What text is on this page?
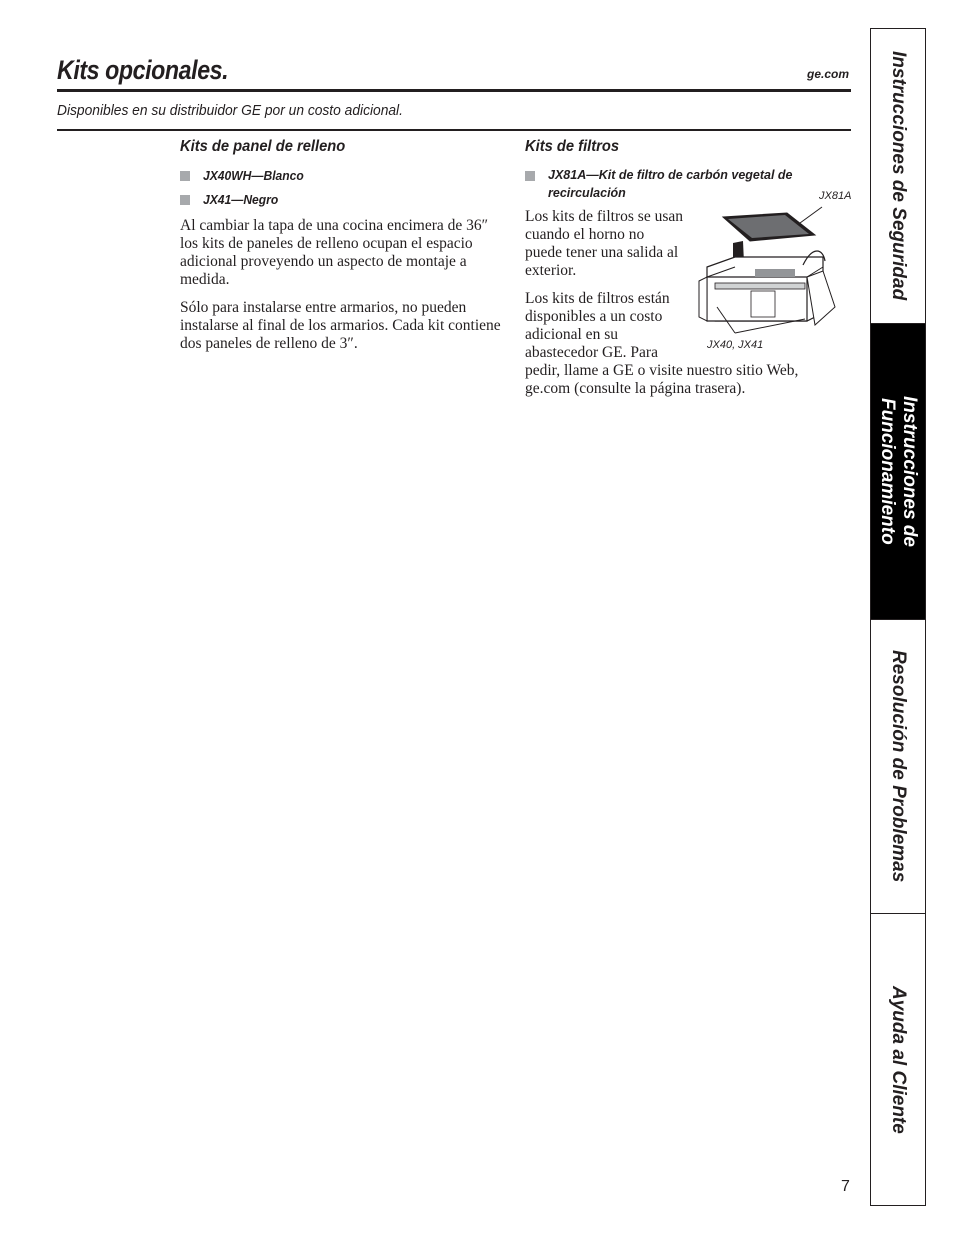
Kits opcionales.	ge.com
Disponibles en su distribuidor GE por un costo adicional.
Kits de panel de relleno
JX40WH—Blanco
JX41—Negro

Al cambiar la tapa de una cocina encimera de 36″ los kits de paneles de relleno ocupan el espacio adicional proveyendo un aspecto de montaje a medida.

Sólo para instalarse entre armarios, no pueden instalarse al final de los armarios. Cada kit contiene dos paneles de relleno de 3″.

Kits de filtros
JX81A—Kit de filtro de carbón vegetal de recirculación

Los kits de filtros se usan cuando el horno no puede tener una salida al exterior.

Los kits de filtros están disponibles a un costo adicional en su abastecedor GE. Para

pedir, llame a GE o visite nuestro sitio Web, ge.com (consulte la página trasera).

JX81A
JX40, JX41
Instrucciones de Seguridad
Instrucciones de
Funcionamiento
Resolución de Problemas
Ayuda al Cliente
7
